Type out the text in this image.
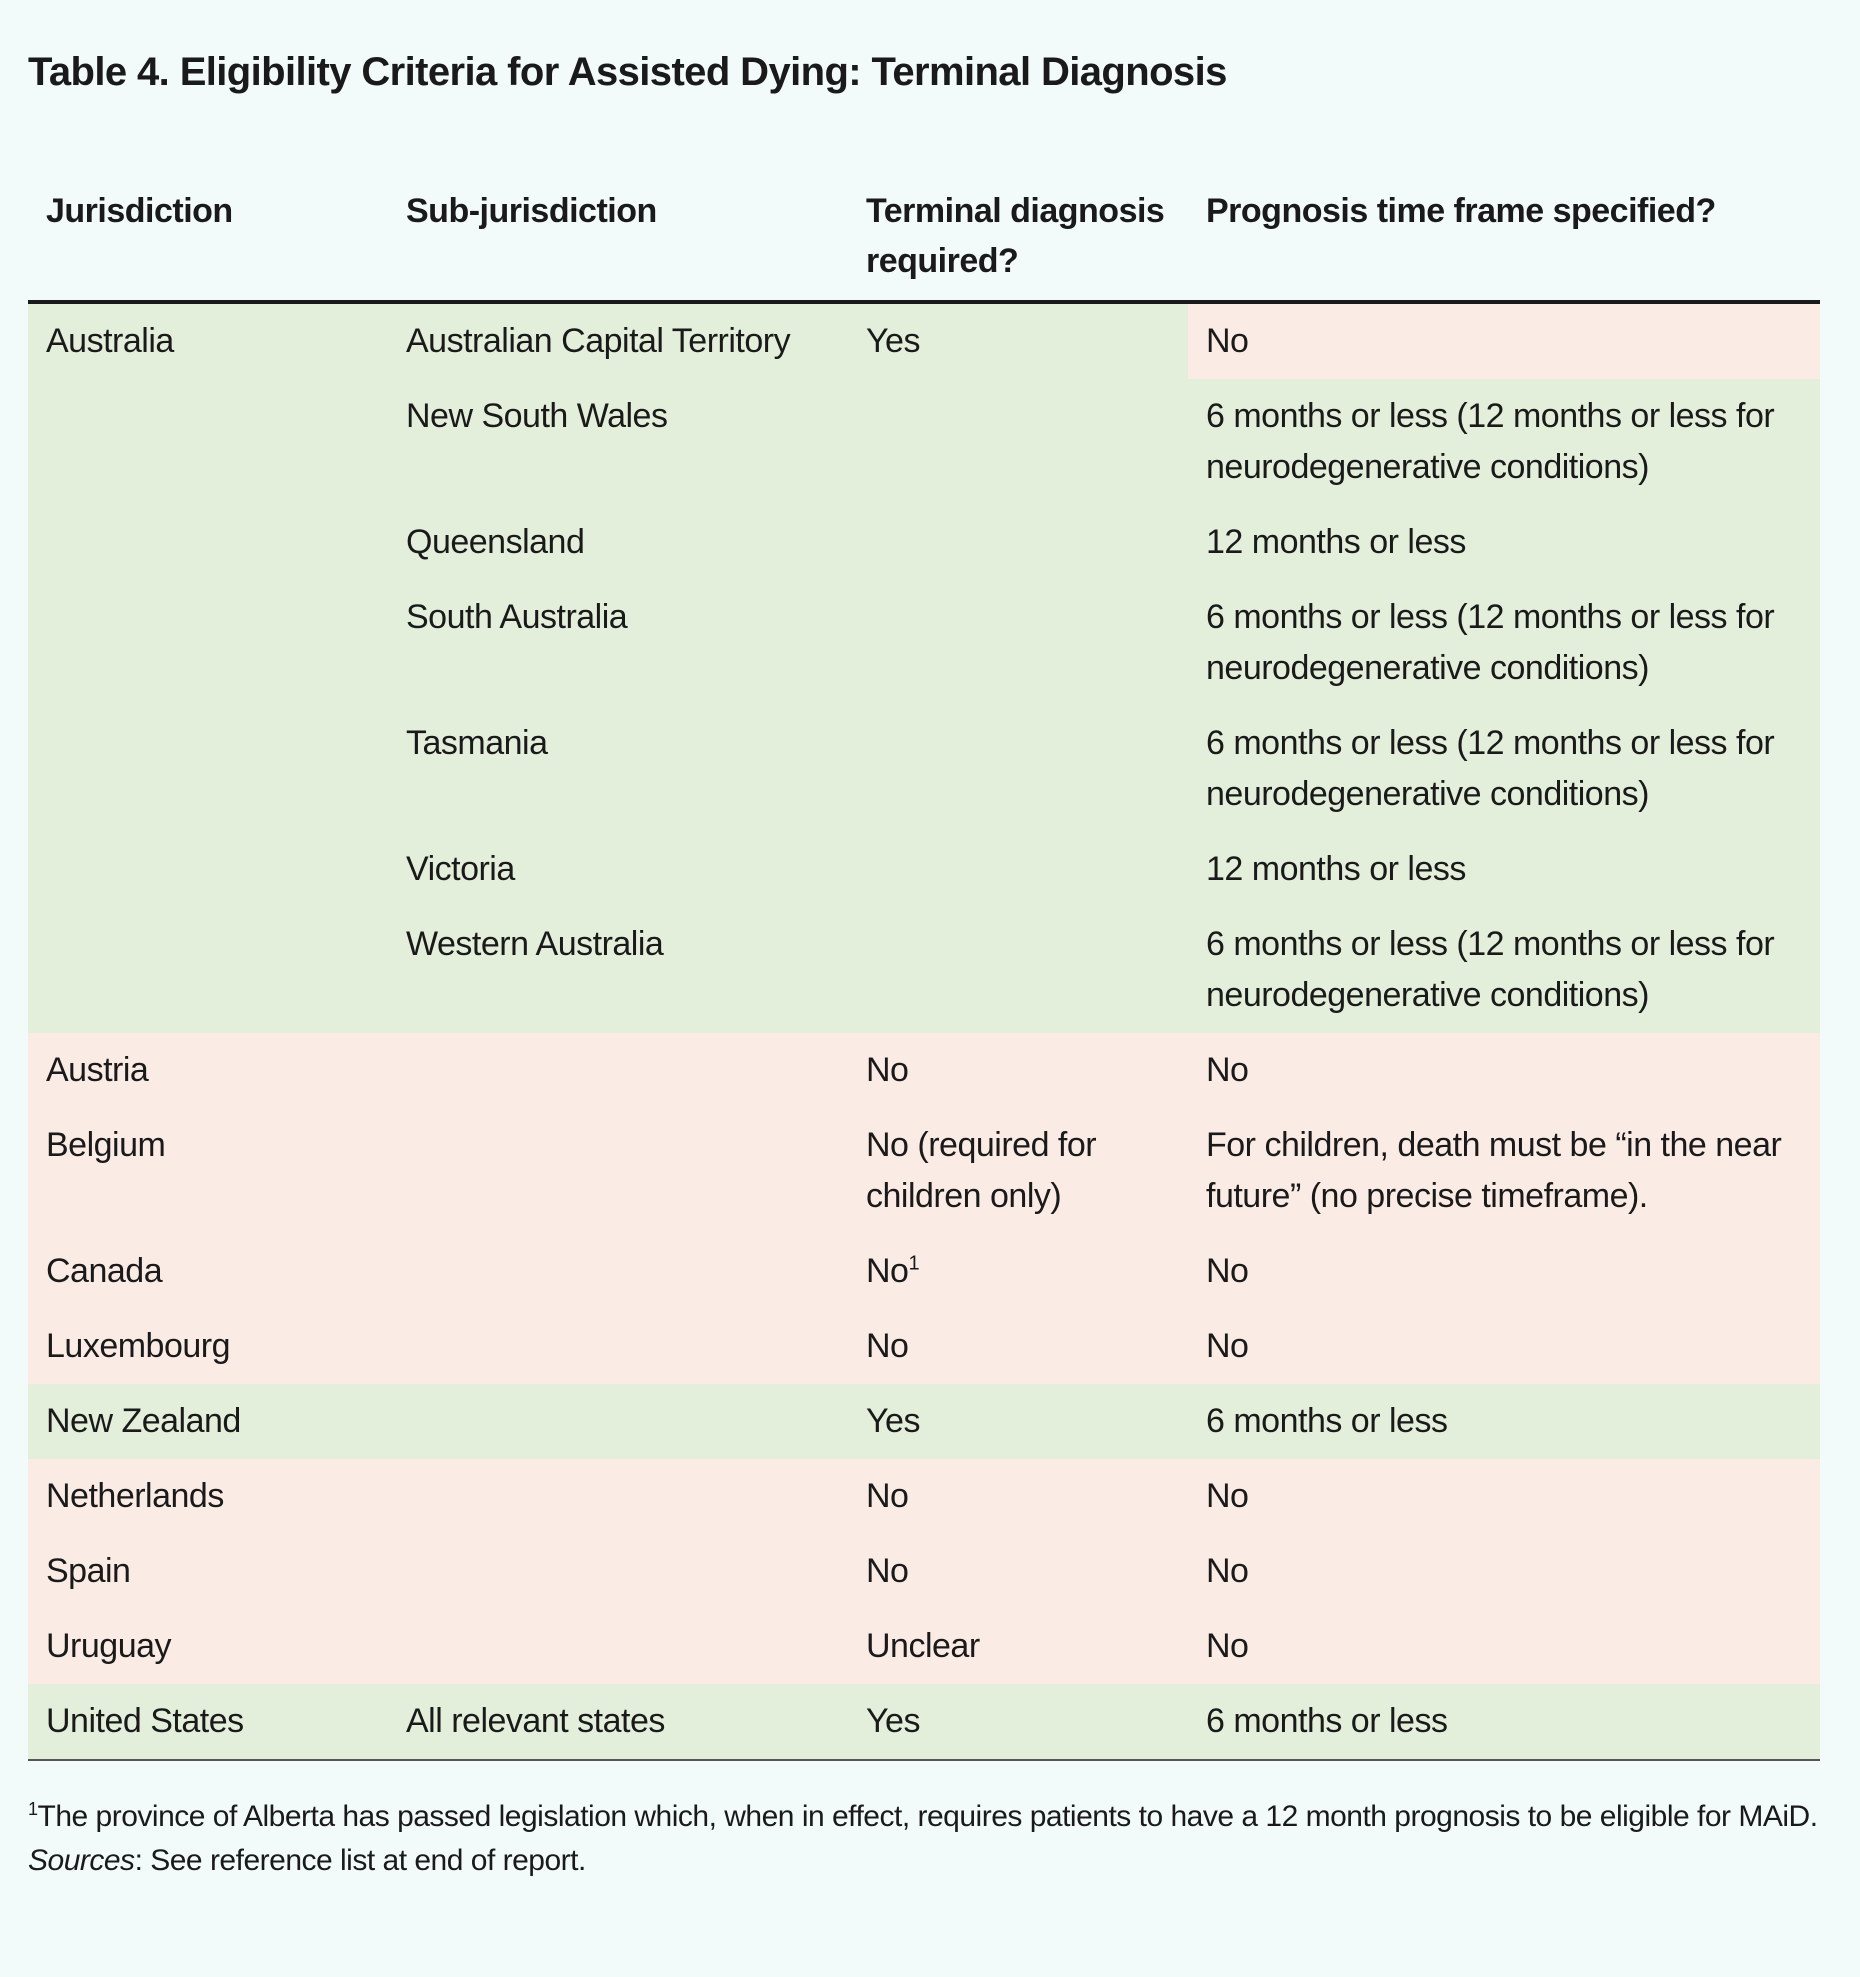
Table 4. Eligibility Criteria for Assisted Dying: Terminal Diagnosis
Jurisdiction	Sub-jurisdiction	Terminal diagnosis required?	Prognosis time frame specified?
Australia	Australian Capital Territory	Yes	No
	New South Wales		6 months or less (12 months or less for neurodegenerative conditions)
	Queensland		12 months or less
	South Australia		6 months or less (12 months or less for neurodegenerative conditions)
	Tasmania		6 months or less (12 months or less for neurodegenerative conditions)
	Victoria		12 months or less
	Western Australia		6 months or less (12 months or less for neurodegenerative conditions)
Austria		No	No
Belgium		No (required for children only)	For children, death must be “in the near future” (no precise timeframe).
Canada		No$^1$	No
Luxembourg		No	No
New Zealand		Yes	6 months or less
Netherlands		No	No
Spain		No	No
Uruguay		Unclear	No
United States	All relevant states	Yes	6 months or less
$^1$The province of Alberta has passed legislation which, when in effect, requires patients to have a 12 month prognosis to be eligible for MAiD.
Sources: See reference list at end of report.
